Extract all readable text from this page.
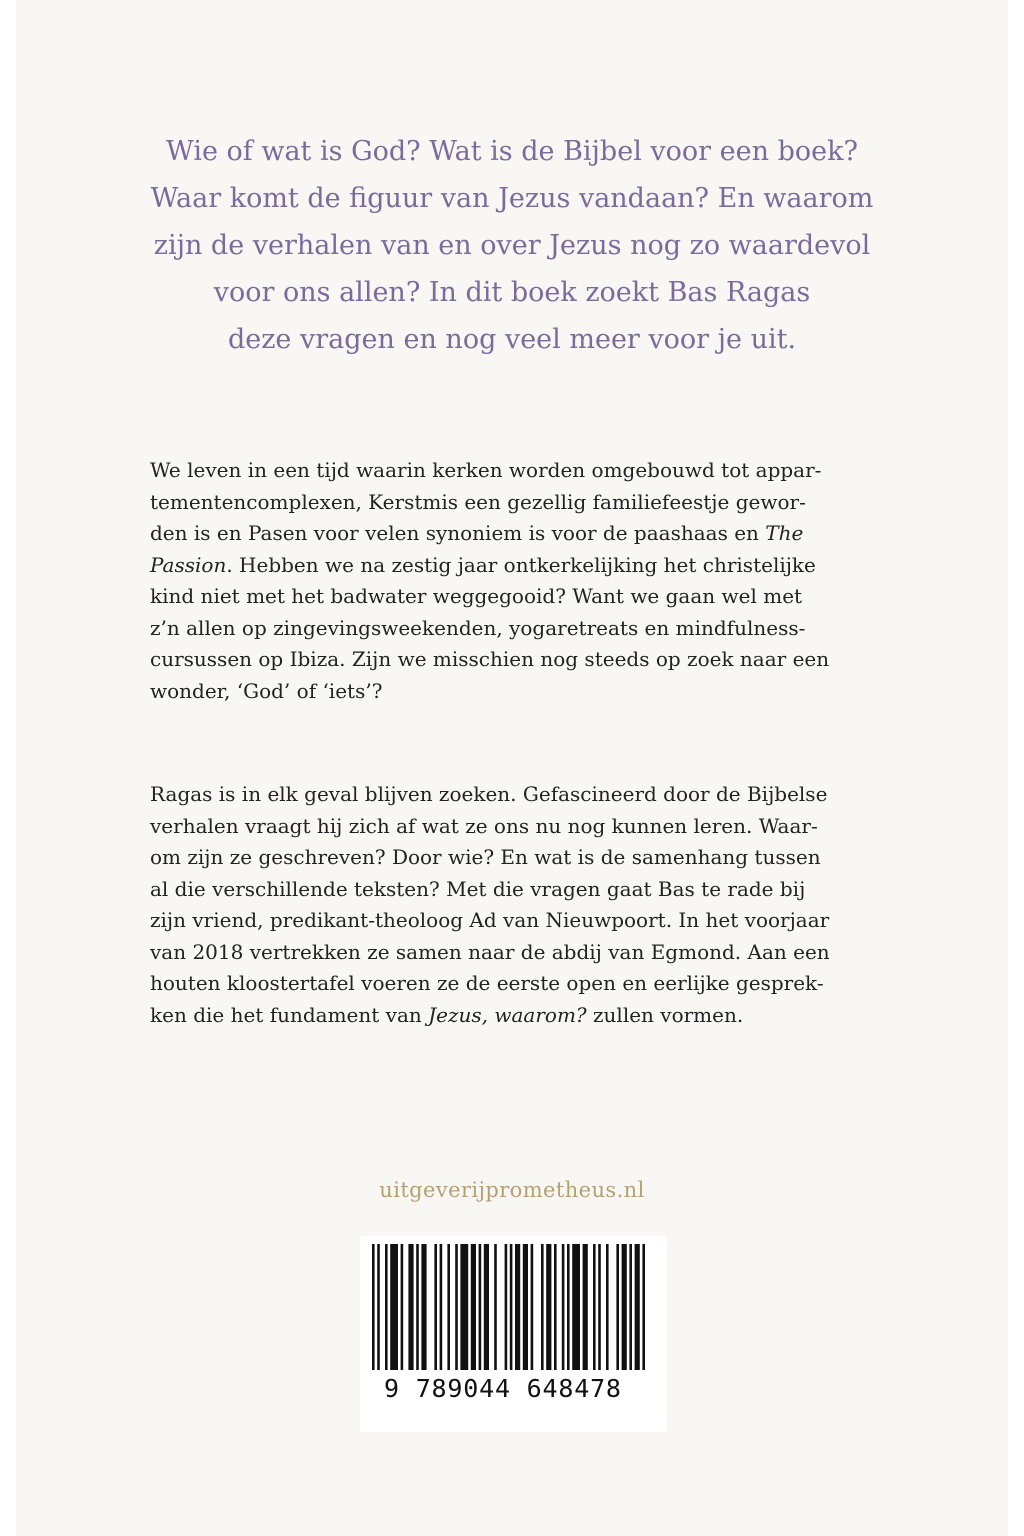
Wie of wat is God? Wat is de Bijbel voor een boek?
Waar komt de figuur van Jezus vandaan? En waarom
zijn de verhalen van en over Jezus nog zo waardevol
voor ons allen? In dit boek zoekt Bas Ragas
deze vragen en nog veel meer voor je uit.
We leven in een tijd waarin kerken worden omgebouwd tot appar-
tementencomplexen, Kerstmis een gezellig familiefeestje gewor-
den is en Pasen voor velen synoniem is voor de paashaas en The
Passion. Hebben we na zestig jaar ontkerkelijking het christelijke
kind niet met het badwater weggegooid? Want we gaan wel met
z’n allen op zingevingsweekenden, yogaretreats en mindfulness-
cursussen op Ibiza. Zijn we misschien nog steeds op zoek naar een
wonder, ‘God’ of ‘iets’?
Ragas is in elk geval blijven zoeken. Gefascineerd door de Bijbelse
verhalen vraagt hij zich af wat ze ons nu nog kunnen leren. Waar-
om zijn ze geschreven? Door wie? En wat is de samenhang tussen
al die verschillende teksten? Met die vragen gaat Bas te rade bij
zijn vriend, predikant-theoloog Ad van Nieuwpoort. In het voorjaar
van 2018 vertrekken ze samen naar de abdij van Egmond. Aan een
houten kloostertafel voeren ze de eerste open en eerlijke gesprek-
ken die het fundament van Jezus, waarom? zullen vormen.
uitgeverijprometheus.nl
9 789044 648478
